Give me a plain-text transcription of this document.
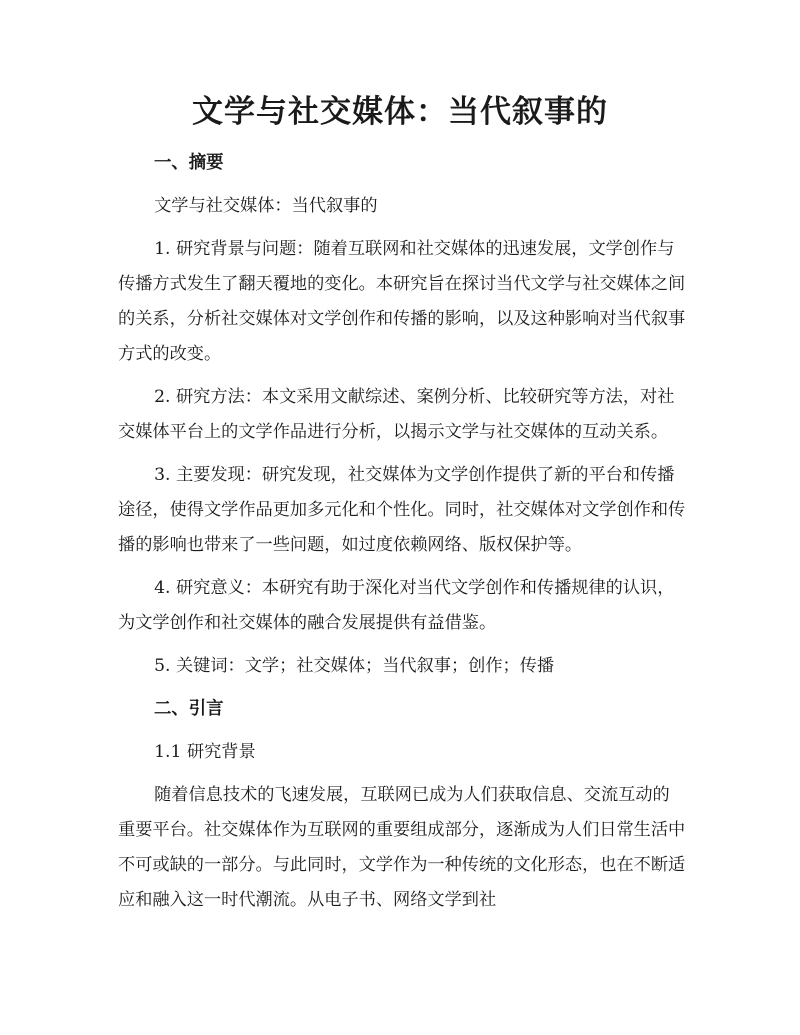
文学与社交媒体：当代叙事的
一、摘要

文学与社交媒体：当代叙事的

1. 研究背景与问题：随着互联网和社交媒体的迅速发展，文学创作与传播方式发生了翻天覆地的变化。本研究旨在探讨当代文学与社交媒体之间的关系，分析社交媒体对文学创作和传播的影响，以及这种影响对当代叙事方式的改变。

2. 研究方法：本文采用文献综述、案例分析、比较研究等方法，对社交媒体平台上的文学作品进行分析，以揭示文学与社交媒体的互动关系。

3. 主要发现：研究发现，社交媒体为文学创作提供了新的平台和传播途径，使得文学作品更加多元化和个性化。同时，社交媒体对文学创作和传播的影响也带来了一些问题，如过度依赖网络、版权保护等。

4. 研究意义：本研究有助于深化对当代文学创作和传播规律的认识，为文学创作和社交媒体的融合发展提供有益借鉴。

5. 关键词：文学；社交媒体；当代叙事；创作；传播

二、引言

1.1 研究背景

随着信息技术的飞速发展，互联网已成为人们获取信息、交流互动的重要平台。社交媒体作为互联网的重要组成部分，逐渐成为人们日常生活中不可或缺的一部分。与此同时，文学作为一种传统的文化形态，也在不断适应和融入这一时代潮流。从电子书、网络文学到社
